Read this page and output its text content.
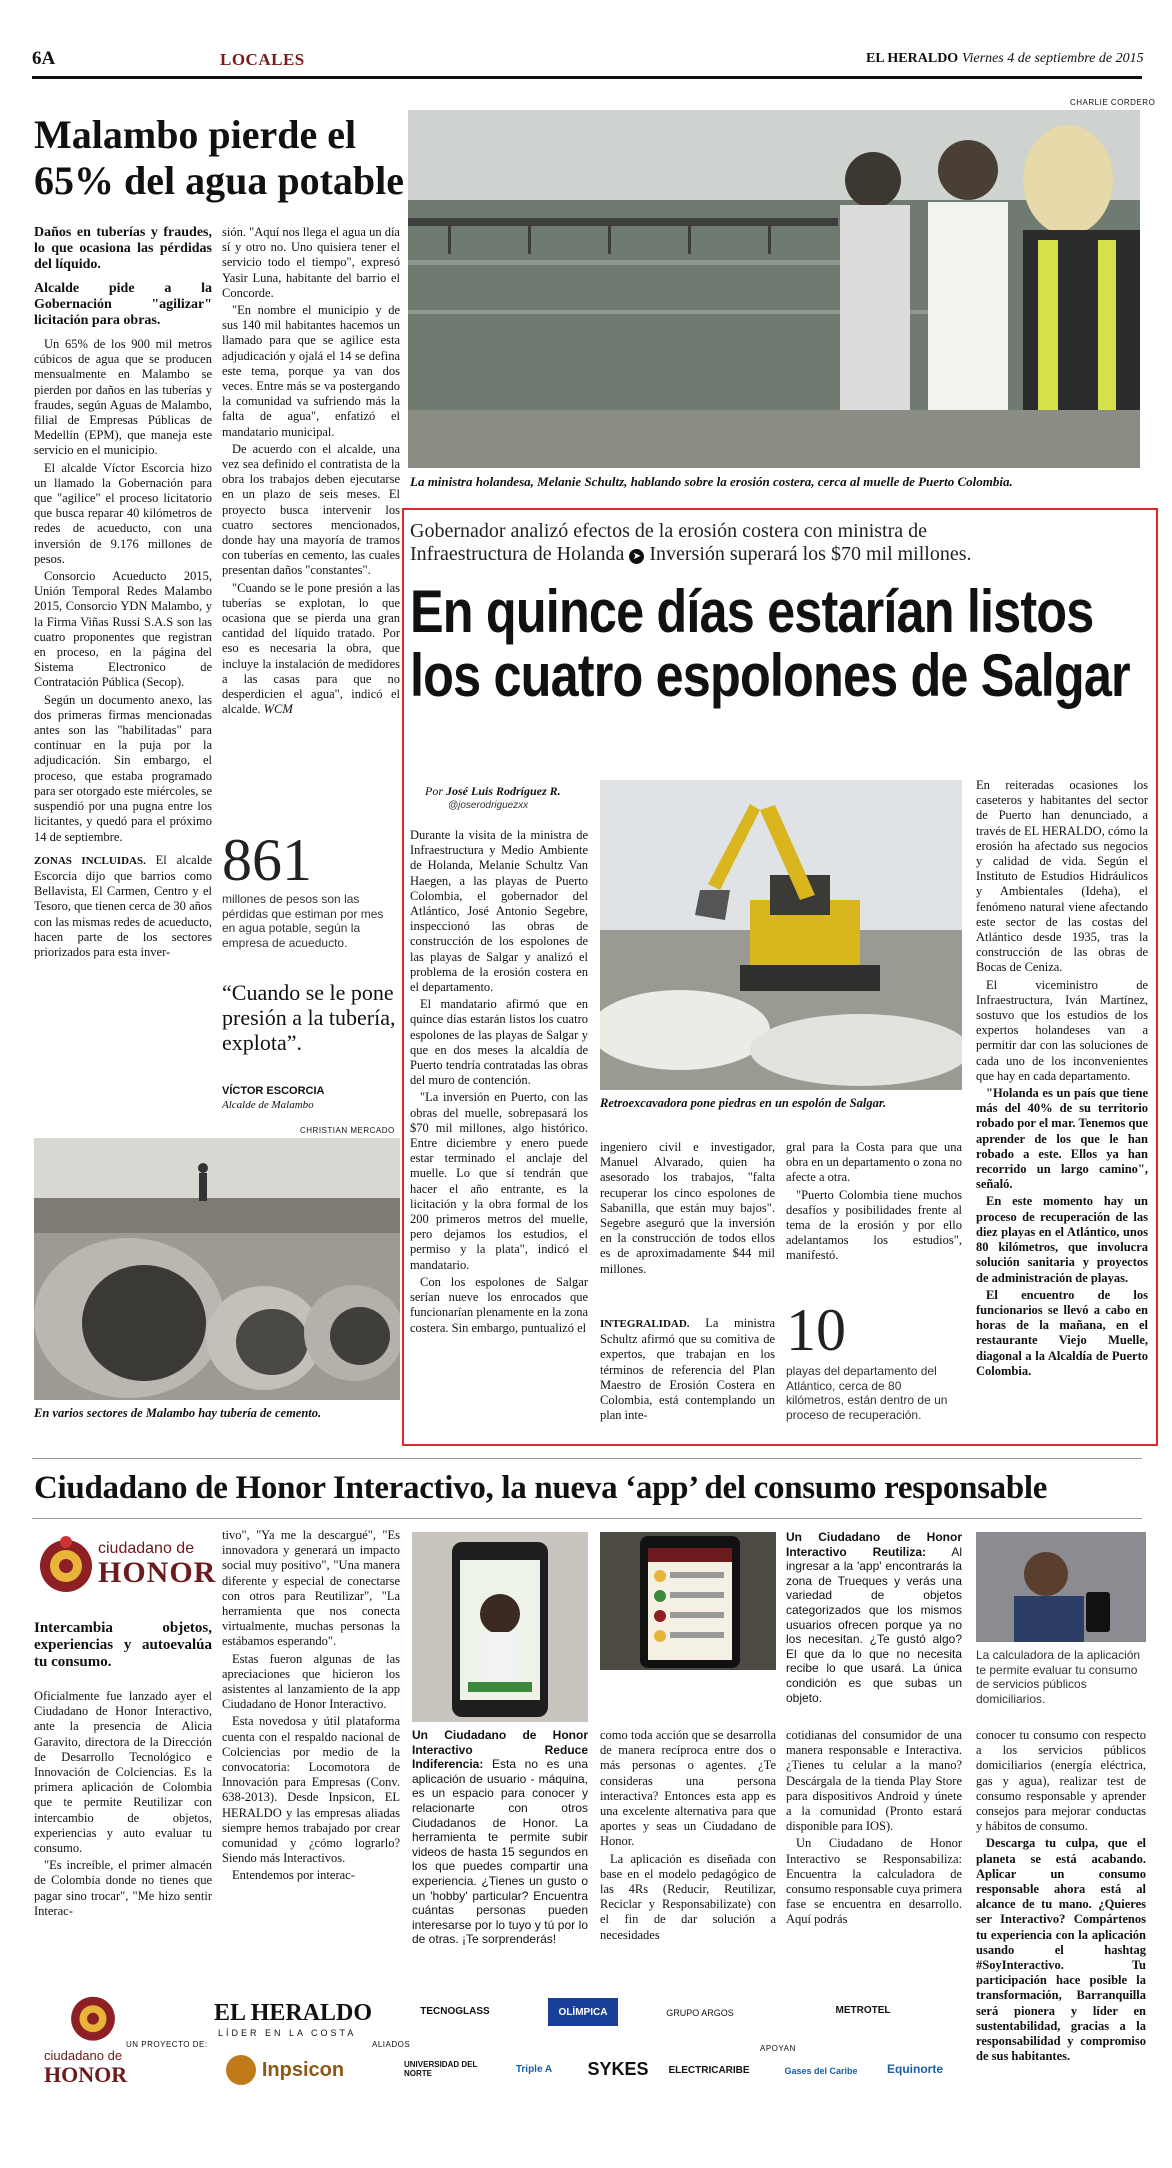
6A	LOCALES	EL HERALDO Viernes 4 de septiembre de 2015
Malambo pierde el
65% del agua potable

Daños en tuberías y fraudes, lo que ocasiona las pérdidas del líquido.

Alcalde pide a la Gobernación "agilizar" licitación para obras.

Un 65% de los 900 mil metros cúbicos de agua que se producen mensualmente en Malambo se pierden por daños en las tuberías y fraudes, según Aguas de Malambo, filial de Empresas Públicas de Medellín (EPM), que maneja este servicio en el municipio.

El alcalde Víctor Escorcia hizo un llamado la Gobernación para que "agilice" el proceso licitatorio que busca reparar 40 kilómetros de redes de acueducto, con una inversión de 9.176 millones de pesos.

Consorcio Acueducto 2015, Unión Temporal Redes Malambo 2015, Consorcio YDN Malambo, y la Firma Viñas Russi S.A.S son las cuatro proponentes que registran en proceso, en la página del Sistema Electronico de Contratación Pública (Secop).

Según un documento anexo, las dos primeras firmas mencionadas antes son las "habilitadas" para continuar en la puja por la adjudicación. Sin embargo, el proceso, que estaba programado para ser otorgado este miércoles, se suspendió por una pugna entre los licitantes, y quedó para el próximo 14 de septiembre.

ZONAS INCLUIDAS. El alcalde Escorcia dijo que barrios como Bellavista, El Carmen, Centro y el Tesoro, que tienen cerca de 30 años con las mismas redes de acueducto, hacen parte de los sectores priorizados para esta inver-

sión. "Aquí nos llega el agua un día sí y otro no. Uno quisiera tener el servicio todo el tiempo", expresó Yasir Luna, habitante del barrio el Concorde.

"En nombre el municipio y de sus 140 mil habitantes hacemos un llamado para que se agilice esta adjudicación y ojalá el 14 se defina este tema, porque ya van dos veces. Entre más se va postergando la comunidad va sufriendo más la falta de agua", enfatizó el mandatario municipal.

De acuerdo con el alcalde, una vez sea definido el contratista de la obra los trabajos deben ejecutarse en un plazo de seis meses. El proyecto busca intervenir los cuatro sectores mencionados, donde hay una mayoría de tramos con tuberías en cemento, las cuales presentan daños "constantes".

"Cuando se le pone presión a las tuberías se explotan, lo que ocasiona que se pierda una gran cantidad del líquido tratado. Por eso es necesaria la obra, que incluye la instalación de medidores a las casas para que no desperdicien el agua", indicó el alcalde. WCM

861
millones de pesos son las pérdidas que estiman por mes en agua potable, según la empresa de acueducto.
“Cuando se le pone presión a la tubería, explota”.
VÍCTOR ESCORCIA
Alcalde de Malambo
CHRISTIAN MERCADO
En varios sectores de Malambo hay tubería de cemento.
CHARLIE CORDERO
La ministra holandesa, Melanie Schultz, hablando sobre la erosión costera, cerca al muelle de Puerto Colombia.
Gobernador analizó efectos de la erosión costera con ministra de
Infraestructura de Holanda ➤ Inversión superará los $70 mil millones.
En quince días estarían listos
los cuatro espolones de Salgar
Por José Luis Rodríguez R.
@joserodriguezxx

Durante la visita de la ministra de Infraestructura y Medio Ambiente de Holanda, Melanie Schultz Van Haegen, a las playas de Puerto Colombia, el gobernador del Atlántico, José Antonio Segebre, inspeccionó las obras de construcción de los espolones de las playas de Salgar y analizó el problema de la erosión costera en el departamento.

El mandatario afirmó que en quince días estarán listos los cuatro espolones de las playas de Salgar y que en dos meses la alcaldía de Puerto tendría contratadas las obras del muro de contención.

"La inversión en Puerto, con las obras del muelle, sobrepasará los $70 mil millones, algo histórico. Entre diciembre y enero puede estar terminado el anclaje del muelle. Lo que sí tendrán que hacer el año entrante, es la licitación y la obra formal de los 200 primeros metros del muelle, pero dejamos los estudios, el permiso y la plata", indicó el mandatario.

Con los espolones de Salgar serían nueve los enrocados que funcionarían plenamente en la zona costera. Sin embargo, puntualizó el

Retroexcavadora pone piedras en un espolón de Salgar.

ingeniero civil e investigador, Manuel Alvarado, quien ha asesorado los trabajos, "falta recuperar los cinco espolones de Sabanilla, que están muy bajos". Segebre aseguró que la inversión en la construcción de todos ellos es de aproximadamente $44 mil millones.

INTEGRALIDAD. La ministra Schultz afirmó que su comitiva de expertos, que trabajan en los términos de referencia del Plan Maestro de Erosión Costera en Colombia, está contemplando un plan inte-

gral para la Costa para que una obra en un departamento o zona no afecte a otra.

"Puerto Colombia tiene muchos desafíos y posibilidades frente al tema de la erosión y por ello adelantamos los estudios", manifestó.

10
playas del departamento del Atlántico, cerca de 80 kilómetros, están dentro de un proceso de recuperación.

En reiteradas ocasiones los caseteros y habitantes del sector de Puerto han denunciado, a través de EL HERALDO, cómo la erosión ha afectado sus negocios y calidad de vida. Según el Instituto de Estudios Hidráulicos y Ambientales (Ideha), el fenómeno natural viene afectando este sector de las costas del Atlántico desde 1935, tras la construcción de las obras de Bocas de Ceniza.

El viceministro de Infraestructura, Iván Martínez, sostuvo que los estudios de los expertos holandeses van a permitir dar con las soluciones de cada uno de los inconvenientes que hay en cada departamento.

"Holanda es un país que tiene más del 40% de su territorio robado por el mar. Tenemos que aprender de los que le han robado a este. Ellos ya han recorrido un largo camino", señaló.

En este momento hay un proceso de recuperación de las diez playas en el Atlántico, unos 80 kilómetros, que involucra solución sanitaria y proyectos de administración de playas.

El encuentro de los funcionarios se llevó a cabo en horas de la mañana, en el restaurante Viejo Muelle, diagonal a la Alcaldía de Puerto Colombia.

Ciudadano de Honor Interactivo, la nueva ‘app’ del consumo responsable
ciudadano de
HONOR

Intercambia objetos, experiencias y autoevalúa tu consumo.

Oficialmente fue lanzado ayer el Ciudadano de Honor Interactivo, ante la presencia de Alicia Garavito, directora de la Dirección de Desarrollo Tecnológico e Innovación de Colciencias. Es la primera aplicación de Colombia que te permite Reutilizar con intercambio de objetos, experiencias y auto evaluar tu consumo.

"Es increíble, el primer almacén de Colombia donde no tienes que pagar sino trocar", "Me hizo sentir Interac-

tivo", "Ya me la descargué", "Es innovadora y generará un impacto social muy positivo", "Una manera diferente y especial de conectarse con otros para Reutilizar", "La herramienta que nos conecta virtualmente, muchas personas la estábamos esperando".

Estas fueron algunas de las apreciaciones que hicieron los asistentes al lanzamiento de la app Ciudadano de Honor Interactivo.

Esta novedosa y útil plataforma cuenta con el respaldo nacional de Colciencias por medio de la convocatoria: Locomotora de Innovación para Empresas (Conv. 638-2013). Desde Inpsicon, EL HERALDO y las empresas aliadas siempre hemos trabajado por crear comunidad y ¿cómo lograrlo? Siendo más Interactivos.

Entendemos por interac-

Un Ciudadano de Honor Interactivo Reutiliza: Al ingresar a la 'app' encontrarás la zona de Trueques y verás una variedad de objetos categorizados que los mismos usuarios ofrecen porque ya no los necesitan. ¿Te gustó algo? El que da lo que no necesita recibe lo que usará. La única condición es que subas un objeto.

La calculadora de la aplicación te permite evaluar tu consumo de servicios públicos domiciliarios.

Un Ciudadano de Honor Interactivo Reduce Indiferencia: Esta no es una aplicación de usuario - máquina, es un espacio para conocer y relacionarte con otros Ciudadanos de Honor. La herramienta te permite subir videos de hasta 15 segundos en los que puedes compartir una experiencia. ¿Tienes un gusto o un 'hobby' particular? Encuentra cuántas personas pueden interesarse por lo tuyo y tú por lo de otras. ¡Te sorprenderás!

como toda acción que se desarrolla de manera recíproca entre dos o más personas o agentes. ¿Te consideras una persona interactiva? Entonces esta app es una excelente alternativa para que aportes y seas un Ciudadano de Honor.

La aplicación es diseñada con base en el modelo pedagógico de las 4Rs (Reducir, Reutilizar, Reciclar y Responsabilizate) con el fin de dar solución a necesidades

cotidianas del consumidor de una manera responsable e Interactiva. ¿Tienes tu celular a la mano? Descárgala de la tienda Play Store para dispositivos Android y únete a la comunidad (Pronto estará disponible para IOS).

Un Ciudadano de Honor Interactivo se Responsabiliza: Encuentra la calculadora de consumo responsable cuya primera fase se encuentra en desarrollo. Aquí podrás

conocer tu consumo con respecto a los servicios públicos domiciliarios (energía eléctrica, gas y agua), realizar test de consumo responsable y aprender consejos para mejorar conductas y hábitos de consumo.

Descarga tu culpa, que el planeta se está acabando. Aplicar un consumo responsable ahora está al alcance de tu mano. ¿Quieres ser Interactivo? Compártenos tu experiencia con la aplicación usando el hashtag #SoyInteractivo. Tu participación hace posible la transformación, Barranquilla será pionera y líder en sustentabilidad, gracias a la responsabilidad y compromiso de sus habitantes.

ciudadano de
HONOR
UN PROYECTO DE:
EL HERALDO
LÍDER EN LA COSTA
ALIADOS	APOYAN
Inpsicon
TECNOGLASS	OLÍMPICA	GRUPO ARGOS	METROTEL
UNIVERSIDAD DEL NORTE	Triple A SYKES ELECTRICARIBE	Gases del Caribe Equinorte
